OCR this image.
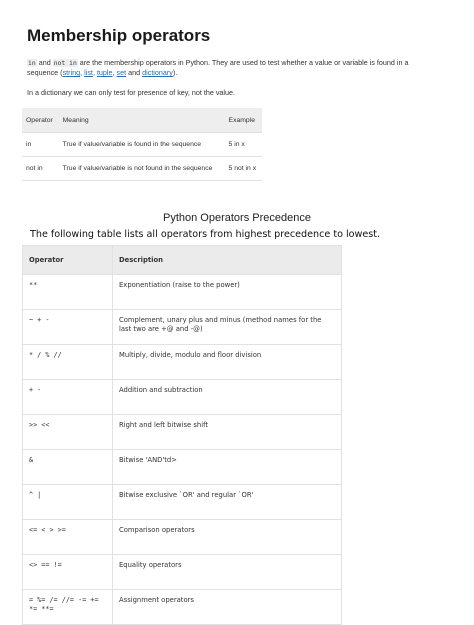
Membership operators
in and not in are the membership operators in Python. They are used to test whether a value or variable is found in a sequence (string, list, tuple, set and dictionary).
In a dictionary we can only test for presence of key, not the value.
Operator	Meaning	Example
in	True if value/variable is found in the sequence	5 in x
not in	True if value/variable is not found in the sequence	5 not in x
Python Operators Precedence
The following table lists all operators from highest precedence to lowest.
Operator	Description
**	Exponentiation (raise to the power)
~ + -	Complement, unary plus and minus (method names for the last two are +@ and -@)
* / % //	Multiply, divide, modulo and floor division
+ -	Addition and subtraction
>> <<	Right and left bitwise shift
&	Bitwise 'AND'td>
^ |	Bitwise exclusive `OR' and regular `OR'
<= < > >=	Comparison operators
<> == !=	Equality operators
= %= /= //= -= += *= **=	Assignment operators
